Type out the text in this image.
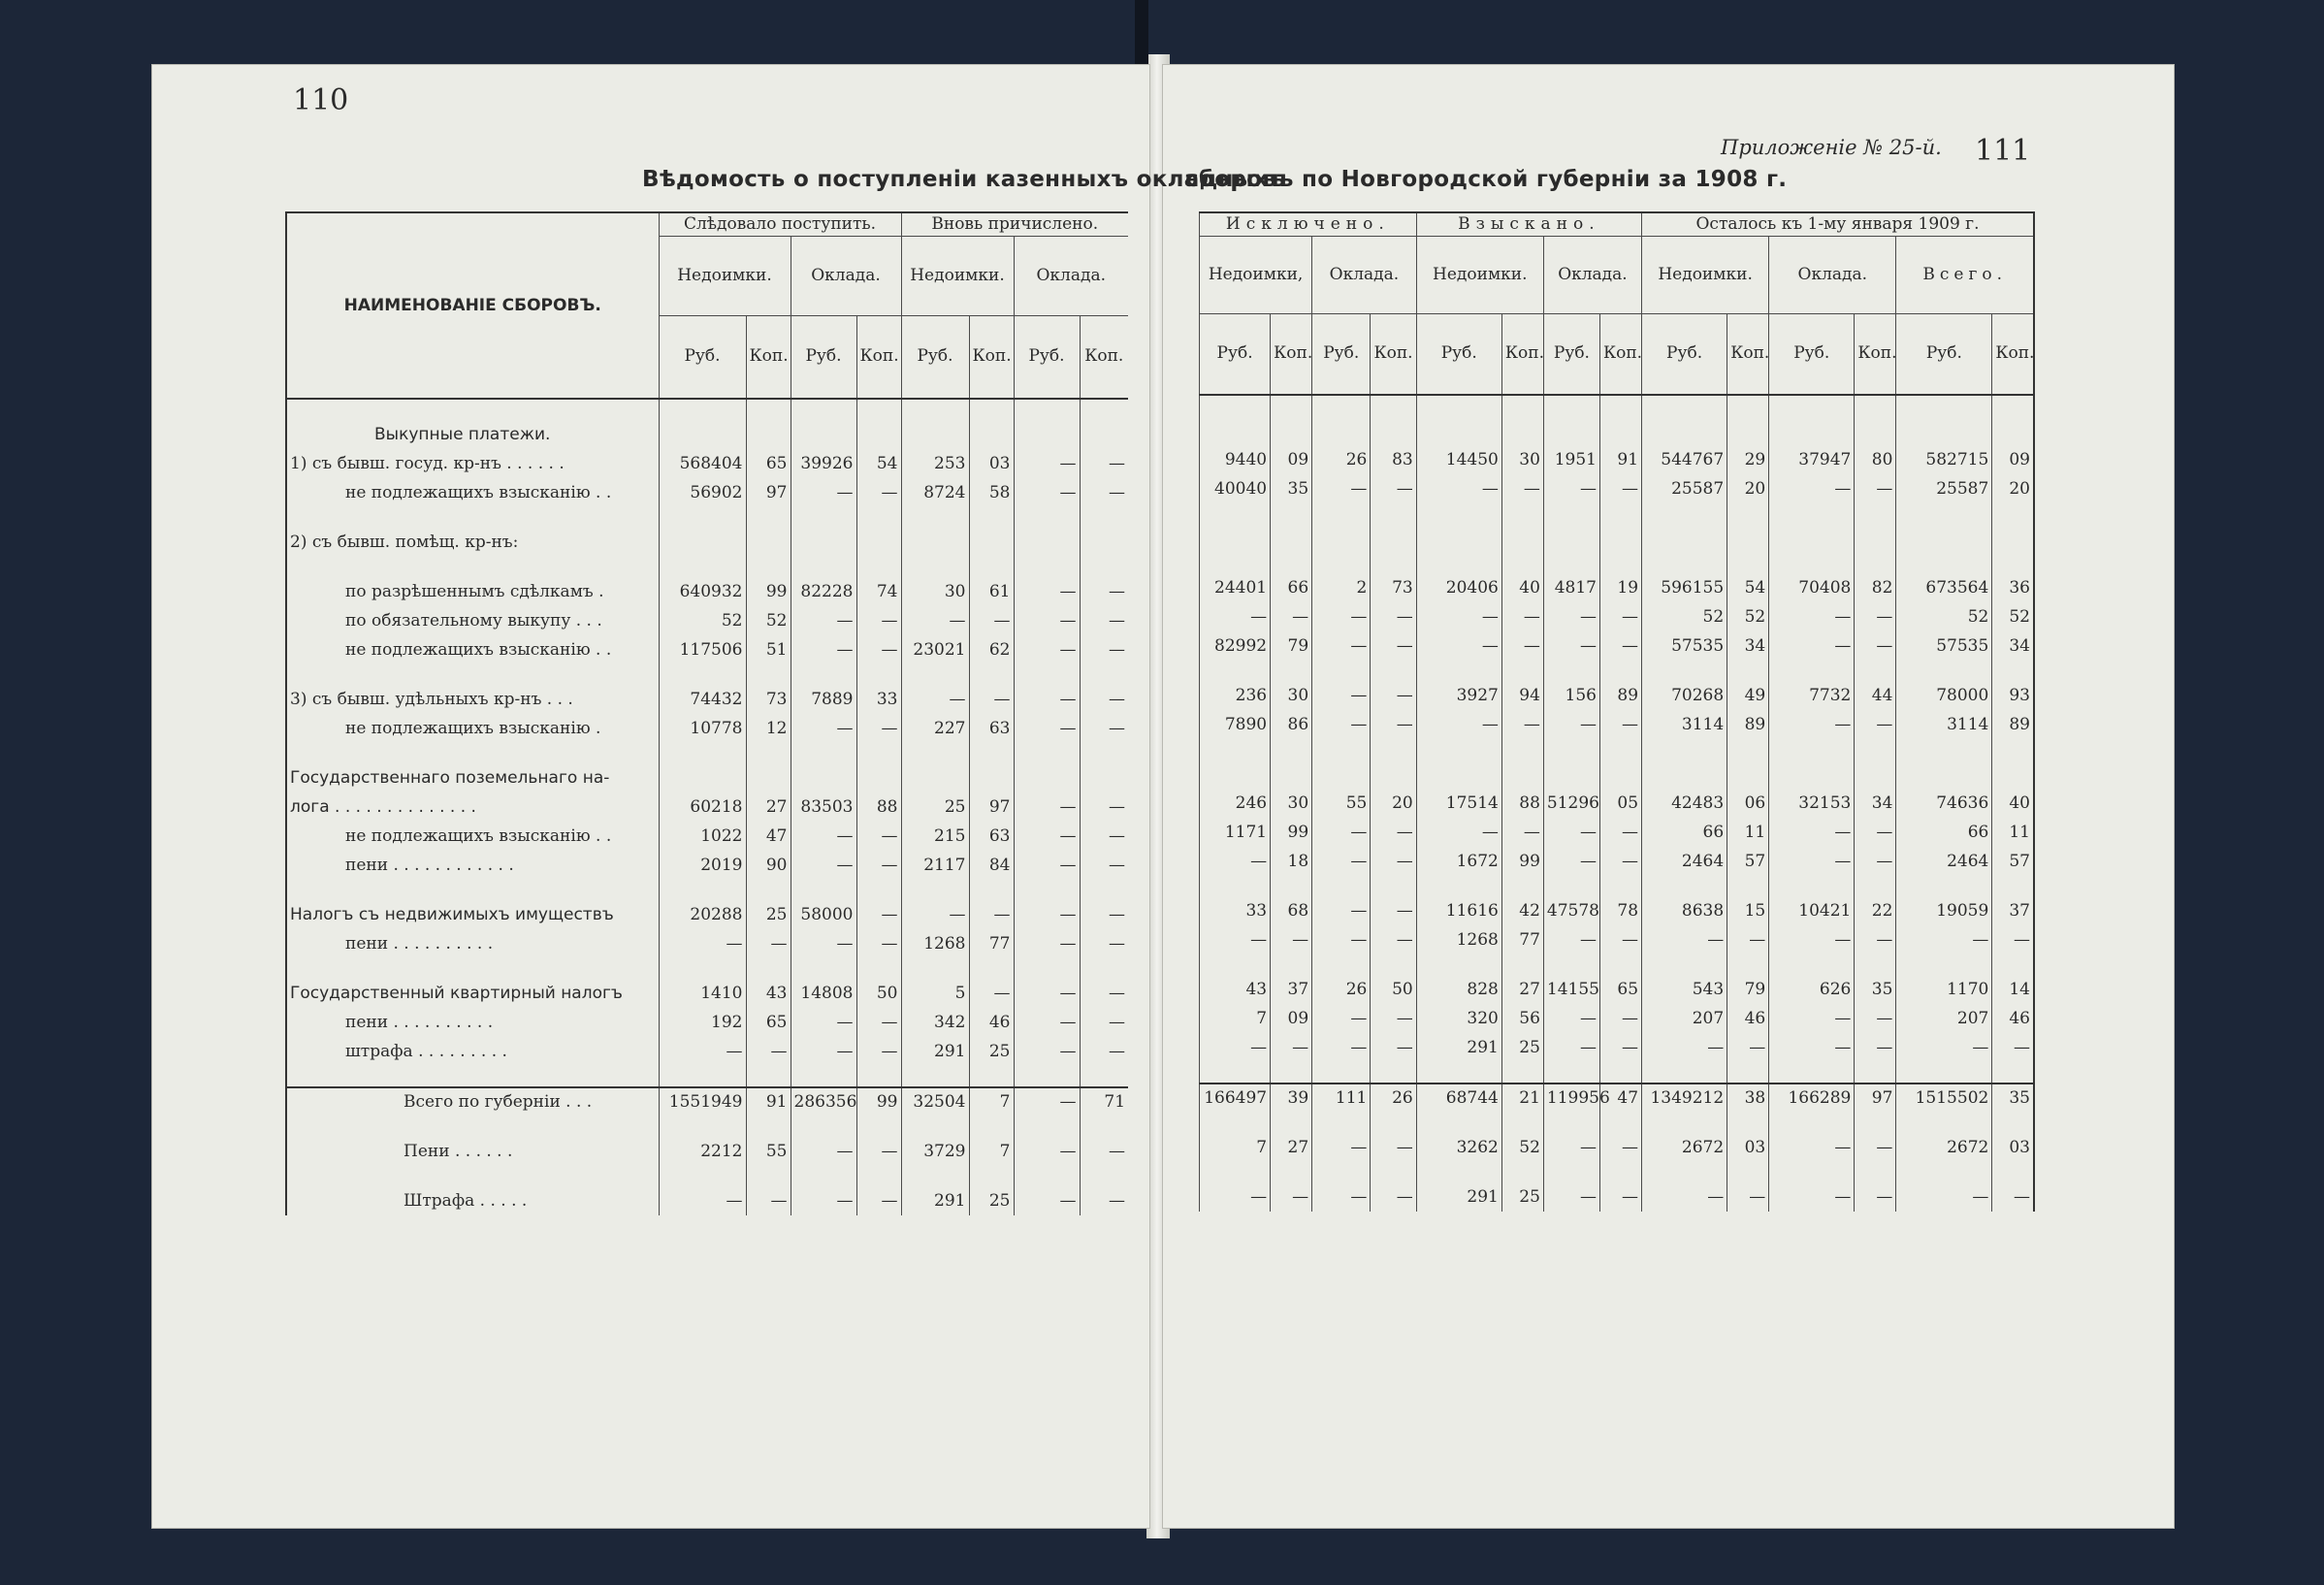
110
111
Приложеніе № 25-й.
Вѣдомость о поступленіи казенныхъ окладныхъ
сборовъ по Новгородской губерніи за 1908 г.
НАИМЕНОВАНІЕ СБОРОВЪ.	Слѣдовало поступить.				Вновь причислено.			
	Недоимки.		Оклада.		Недоимки.		Оклада.	
	Руб.	Коп.	Руб.	Коп.	Руб.	Коп.	Руб.	Коп.

Выкупные платежи.								
1) съ бывш. госуд. кр-нъ . . . . . .	568404	65	39926	54	253	03	—	—
не подлежащихъ взысканію . .	56902	97	—	—	8724	58	—	—

2) съ бывш. помѣщ. кр-нъ:								

по разрѣшеннымъ сдѣлкамъ .	640932	99	82228	74	30	61	—	—
по обязательному выкупу . . .	52	52	—	—	—	—	—	—
не подлежащихъ взысканію . .	117506	51	—	—	23021	62	—	—

3) съ бывш. удѣльныхъ кр-нъ . . .	74432	73	7889	33	—	—	—	—
не подлежащихъ взысканію .	10778	12	—	—	227	63	—	—

Государственнаго поземельнаго на-								
лога . . . . . . . . . . . . . .	60218	27	83503	88	25	97	—	—
не подлежащихъ взысканію . .	1022	47	—	—	215	63	—	—
пени . . . . . . . . . . . .	2019	90	—	—	2117	84	—	—

Налогъ съ недвижимыхъ имуществъ	20288	25	58000	—	—	—	—	—
пени . . . . . . . . . .	—	—	—	—	1268	77	—	—

Государственный квартирный налогъ	1410	43	14808	50	5	—	—	—
пени . . . . . . . . . .	192	65	—	—	342	46	—	—
штрафа . . . . . . . . .	—	—	—	—	291	25	—	—

Всего по губерніи . . .	1551949	91	286356	99	32504	7	—	71

Пени . . . . . .	2212	55	—	—	3729	7	—	—

Штрафа . . . . .	—	—	—	—	291	25	—	—
Исключено.				Взыскано.				Осталось къ 1-му января 1909 г.					
Недоимки,		Оклада.		Недоимки.		Оклада.		Недоимки.		Оклада.		Всего.	
Руб.	Коп.	Руб.	Коп.	Руб.	Коп.	Руб.	Коп.	Руб.	Коп.	Руб.	Коп.	Руб.	Коп.

9440	09	26	83	14450	30	1951	91	544767	29	37947	80	582715	09
40040	35	—	—	—	—	—	—	25587	20	—	—	25587	20

24401	66	2	73	20406	40	4817	19	596155	54	70408	82	673564	36
—	—	—	—	—	—	—	—	52	52	—	—	52	52
82992	79	—	—	—	—	—	—	57535	34	—	—	57535	34

236	30	—	—	3927	94	156	89	70268	49	7732	44	78000	93
7890	86	—	—	—	—	—	—	3114	89	—	—	3114	89

246	30	55	20	17514	88	51296	05	42483	06	32153	34	74636	40
1171	99	—	—	—	—	—	—	66	11	—	—	66	11
—	18	—	—	1672	99	—	—	2464	57	—	—	2464	57

33	68	—	—	11616	42	47578	78	8638	15	10421	22	19059	37
—	—	—	—	1268	77	—	—	—	—	—	—	—	—

43	37	26	50	828	27	14155	65	543	79	626	35	1170	14
7	09	—	—	320	56	—	—	207	46	—	—	207	46
—	—	—	—	291	25	—	—	—	—	—	—	—	—

166497	39	111	26	68744	21	119956	47	1349212	38	166289	97	1515502	35

7	27	—	—	3262	52	—	—	2672	03	—	—	2672	03

—	—	—	—	291	25	—	—	—	—	—	—	—	—
